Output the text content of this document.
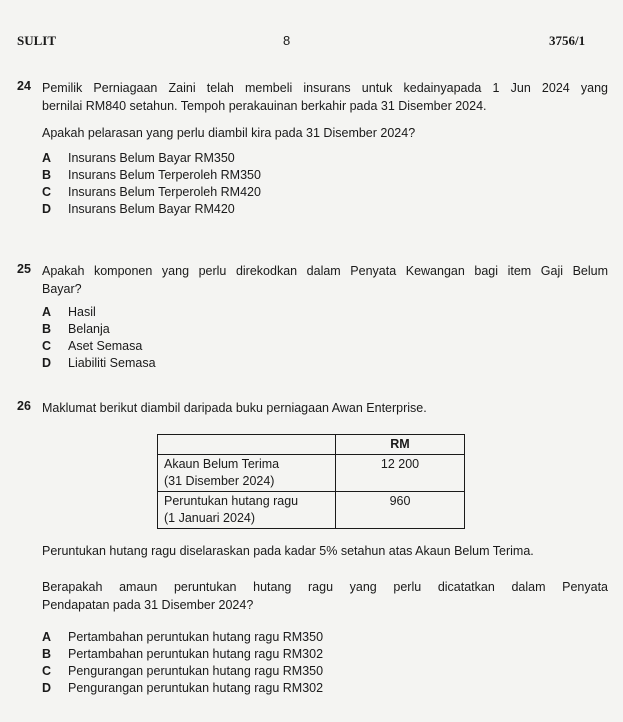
SULIT	8	3756/1
24 Pemilik Perniagaan Zaini telah membeli insurans untuk kedainyapada 1 Jun 2024 yang
bernilai RM840 setahun. Tempoh perakauinan berkahir pada 31 Disember 2024.
Apakah pelarasan yang perlu diambil kira pada 31 Disember 2024?
A	Insurans Belum Bayar RM350
B	Insurans Belum Terperoleh RM350
C	Insurans Belum Terperoleh RM420
D	Insurans Belum Bayar RM420
25 Apakah komponen yang perlu direkodkan dalam Penyata Kewangan bagi item Gaji Belum
Bayar?
A	Hasil
B	Belanja
C	Aset Semasa
D	Liabiliti Semasa
26 Maklumat berikut diambil daripada buku perniagaan Awan Enterprise.
	RM

Akaun Belum Terima
(31 Disember 2024)	12 200

Peruntukan hutang ragu
(1 Januari 2024)	960
Peruntukan hutang ragu diselaraskan pada kadar 5% setahun atas Akaun Belum Terima.
Berapakah amaun peruntukan hutang ragu yang perlu dicatatkan dalam Penyata
Pendapatan pada 31 Disember 2024?
A	Pertambahan peruntukan hutang ragu RM350
B	Pertambahan peruntukan hutang ragu RM302
C	Pengurangan peruntukan hutang ragu RM350
D	Pengurangan peruntukan hutang ragu RM302
